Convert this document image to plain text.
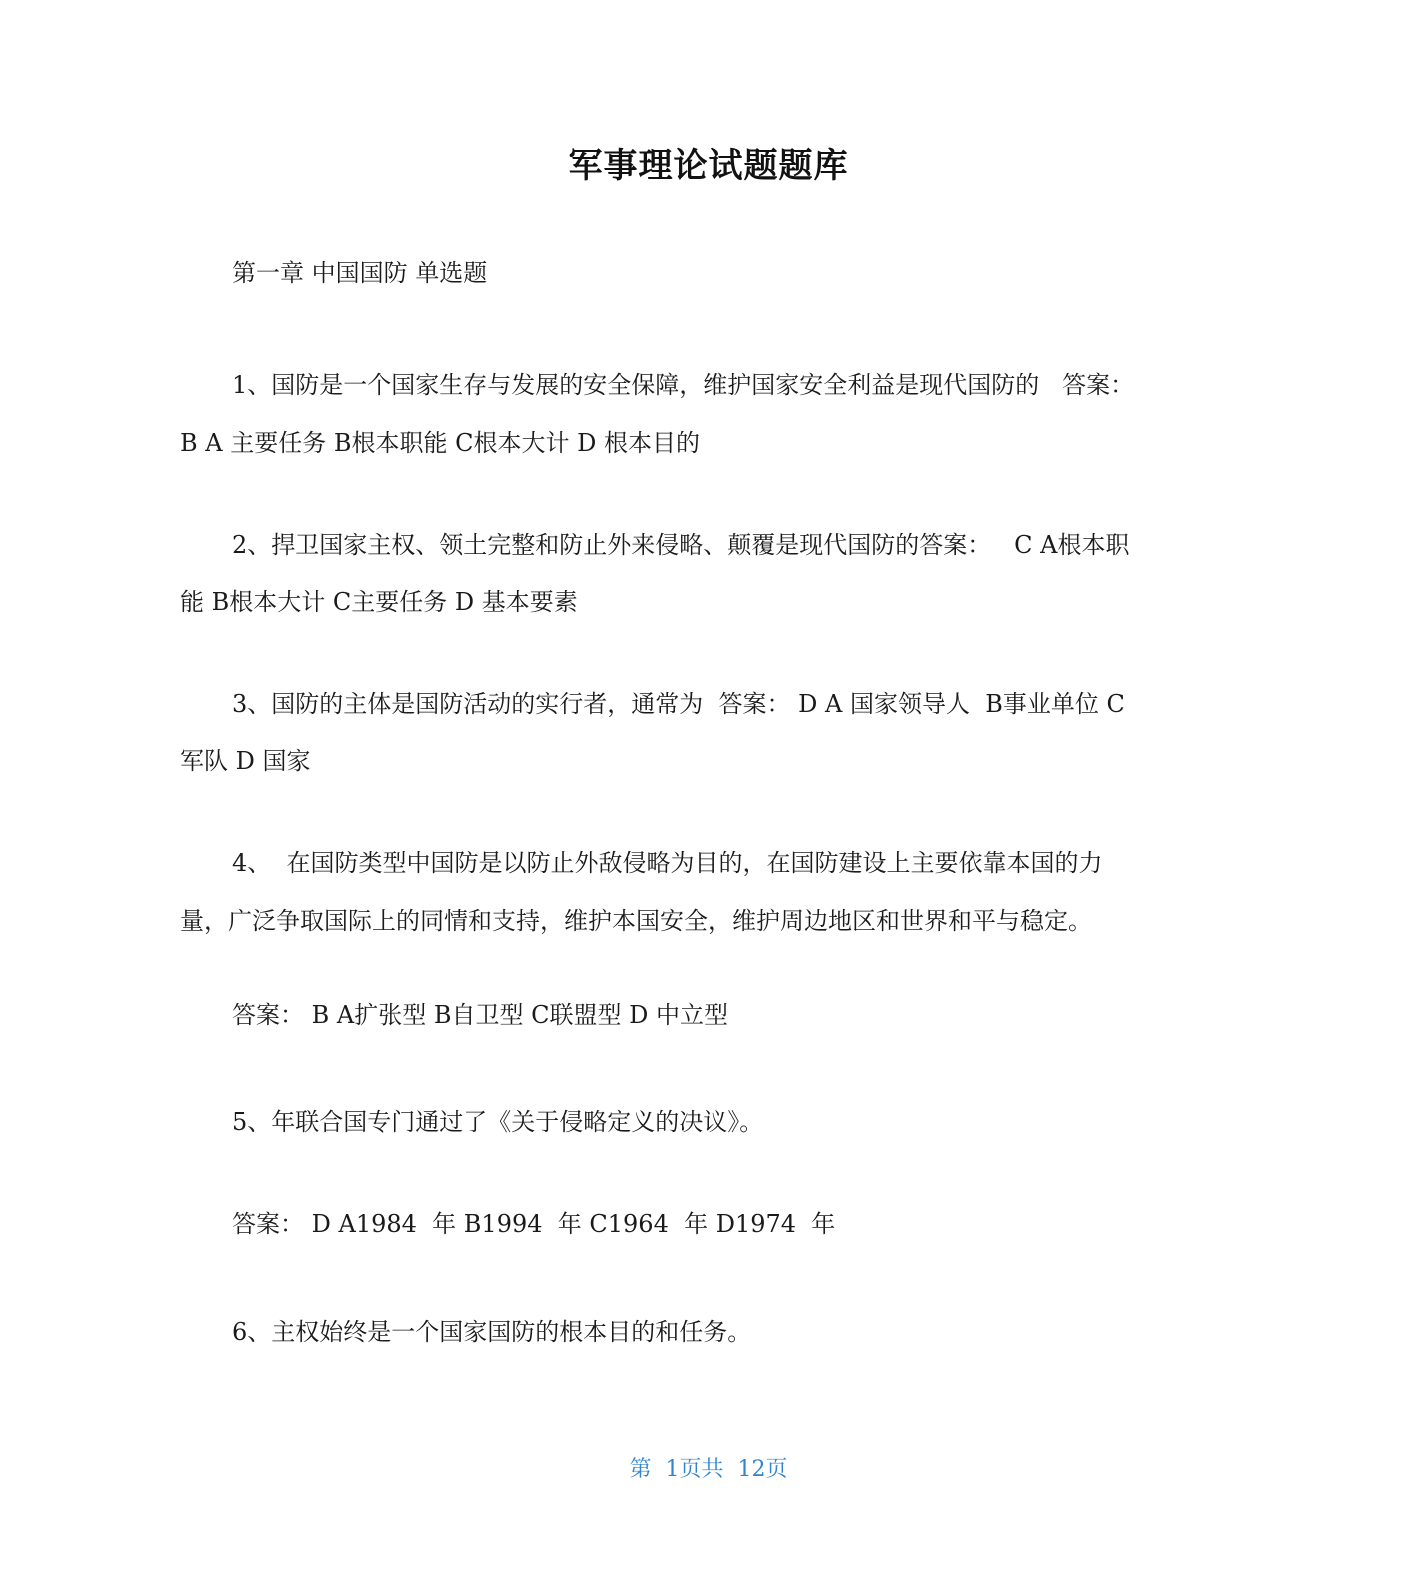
军事理论试题题库
第一章 中国国防 单选题
1、国防是一个国家生存与发展的安全保障，维护国家安全利益是现代国防的   答案：
B A 主要任务 B根本职能 C根本大计 D 根本目的
2、捍卫国家主权、领土完整和防止外来侵略、颠覆是现代国防的答案：   C A根本职
能 B根本大计 C主要任务 D 基本要素
3、国防的主体是国防活动的实行者，通常为  答案： D A 国家领导人  B事业单位 C
军队 D 国家
4、  在国防类型中国防是以防止外敌侵略为目的，在国防建设上主要依靠本国的力
量，广泛争取国际上的同情和支持，维护本国安全，维护周边地区和世界和平与稳定。
答案： B A扩张型 B自卫型 C联盟型 D 中立型
5、年联合国专门通过了《关于侵略定义的决议》。
答案： D A1984  年 B1994  年 C1964  年 D1974  年
6、主权始终是一个国家国防的根本目的和任务。
第  1页共  12页
